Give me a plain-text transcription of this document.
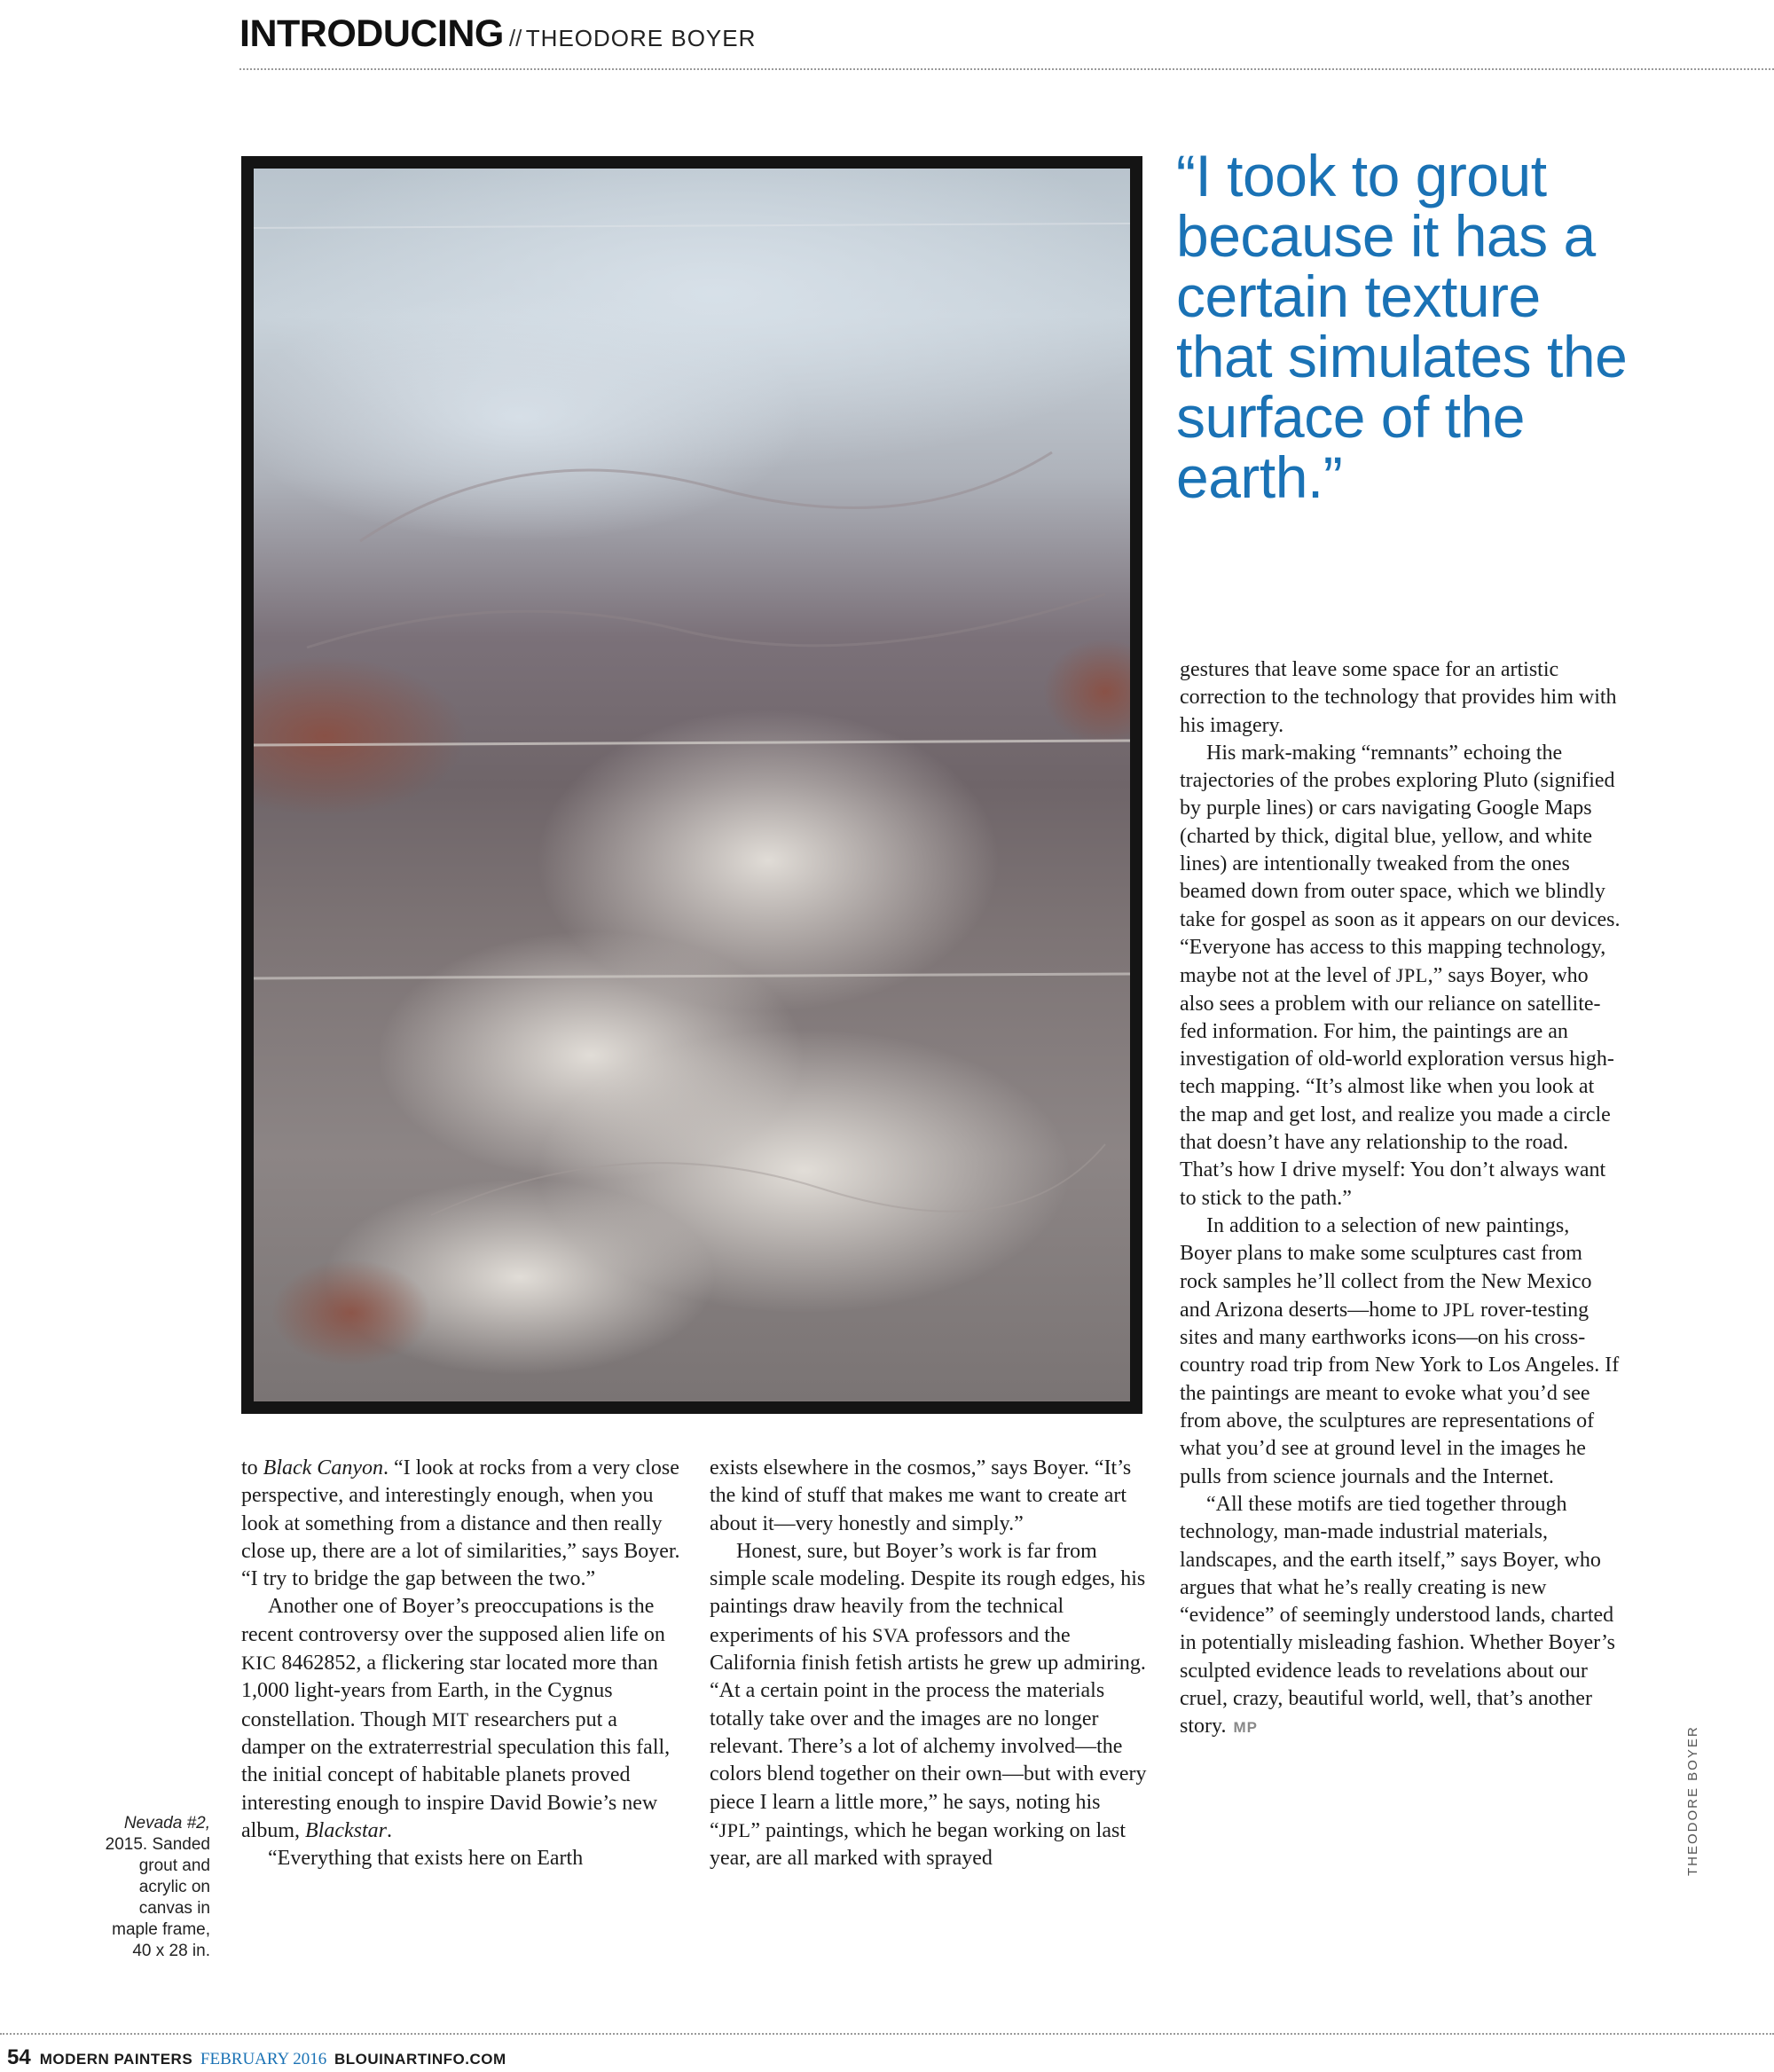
INTRODUCING // THEODORE BOYER
“I took to grout because it has a certain texture that simulates the surface of the earth.”

to Black Canyon. “I look at rocks from a very close perspective, and interestingly enough, when you look at something from a distance and then really close up, there are a lot of similarities,” says Boyer. “I try to bridge the gap between the two.”

Another one of Boyer’s preoccupations is the recent controversy over the supposed alien life on KIC 8462852, a flickering star located more than 1,000 light-years from Earth, in the Cygnus constellation. Though MIT researchers put a damper on the extraterrestrial speculation this fall, the initial concept of habitable planets proved interesting enough to inspire David Bowie’s new album, Blackstar.

“Everything that exists here on Earth

exists elsewhere in the cosmos,” says Boyer. “It’s the kind of stuff that makes me want to create art about it—very honestly and simply.”

Honest, sure, but Boyer’s work is far from simple scale modeling. Despite its rough edges, his paintings draw heavily from the technical experiments of his SVA professors and the California finish fetish artists he grew up admiring. “At a certain point in the process the materials totally take over and the images are no longer relevant. There’s a lot of alchemy involved—the colors blend together on their own—but with every piece I learn a little more,” he says, noting his “JPL” paintings, which he began working on last year, are all marked with sprayed

gestures that leave some space for an artistic correction to the technology that provides him with his imagery.

His mark-making “remnants” echoing the trajectories of the probes exploring Pluto (signified by purple lines) or cars navigating Google Maps (charted by thick, digital blue, yellow, and white lines) are intentionally tweaked from the ones beamed down from outer space, which we blindly take for gospel as soon as it appears on our devices. “Everyone has access to this mapping technology, maybe not at the level of JPL,” says Boyer, who also sees a problem with our reliance on satellite-fed information. For him, the paintings are an investigation of old-world exploration versus high-tech mapping. “It’s almost like when you look at the map and get lost, and realize you made a circle that doesn’t have any relationship to the road. That’s how I drive myself: You don’t always want to stick to the path.”

In addition to a selection of new paintings, Boyer plans to make some sculptures cast from rock samples he’ll collect from the New Mexico and Arizona deserts—home to JPL rover-testing sites and many earthworks icons—on his cross-country road trip from New York to Los Angeles. If the paintings are meant to evoke what you’d see from above, the sculptures are representations of what you’d see at ground level in the images he pulls from science journals and the Internet.

“All these motifs are tied together through technology, man-made industrial materials, landscapes, and the earth itself,” says Boyer, who argues that what he’s really creating is new “evidence” of seemingly understood lands, charted in potentially misleading fashion. Whether Boyer’s sculpted evidence leads to revelations about our cruel, crazy, beautiful world, well, that’s another story. MP

Nevada #2, 2015. Sanded grout and acrylic on canvas in maple frame, 40 x 28 in.
THEODORE BOYER
54 MODERN PAINTERS FEBRUARY 2016 BLOUINARTINFO.COM
